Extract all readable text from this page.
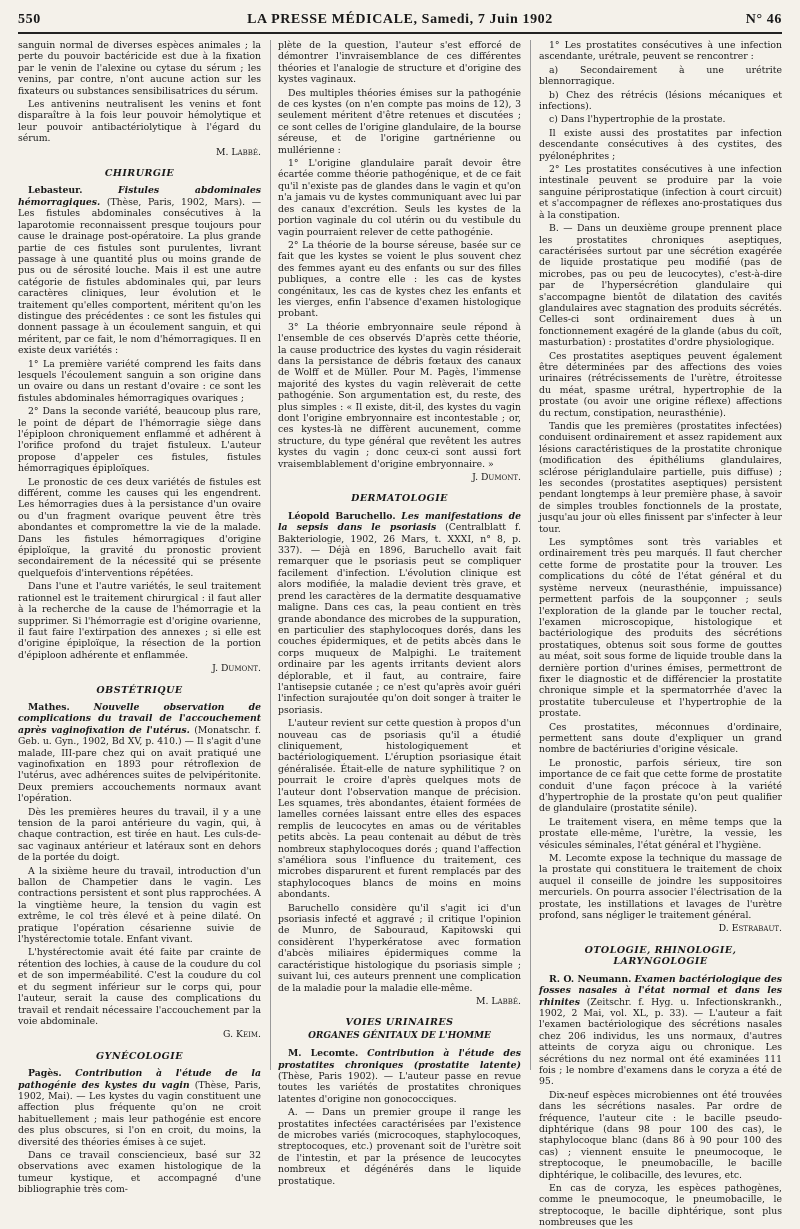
550	LA PRESSE MÉDICALE, Samedi, 7 Juin 1902	N° 46

sanguin normal de diverses espèces animales ; la perte du pouvoir bactéricide est due à la fixation par le venin de l'alexine ou cytase du sérum ; les venins, par contre, n'ont aucune action sur les fixateurs ou substances sensibilisatrices du sérum.

Les antivenins neutralisent les venins et font disparaître à la fois leur pouvoir hémolytique et leur pouvoir antibactériolytique à l'égard du sérum.

M. Labbé.

CHIRURGIE

Lebasteur.	Fistules abdominales hémorragiques. (Thèse, Paris, 1902, Mars). — Les fistules abdominales consécutives à la laparotomie reconnaissent presque toujours pour cause le drainage post-opératoire. La plus grande partie de ces fistules sont purulentes, livrant passage à une quantité plus ou moins grande de pus ou de sérosité louche. Mais il est une autre catégorie de fistules abdominales qui, par leurs caractères cliniques, leur évolution et le traitement qu'elles comportent, méritent qu'on les distingue des précédentes : ce sont les fistules qui donnent passage à un écoulement sanguin, et qui méritent, par ce fait, le nom d'hémorragiques. Il en existe deux variétés :

1° La première variété comprend les faits dans lesquels l'écoulement sanguin a son origine dans un ovaire ou dans un restant d'ovaire : ce sont les fistules abdominales hémorragiques ovariques ;

2° Dans la seconde variété, beaucoup plus rare, le point de départ de l'hémorragie siège dans l'épiploon chroniquement enflammé et adhérent à l'orifice profond du trajet fistuleux. L'auteur propose d'appeler ces fistules, fistules hémorragiques épiploïques.

Le pronostic de ces deux variétés de fistules est différent, comme les causes qui les engendrent. Les hémorragies dues à la persistance d'un ovaire ou d'un fragment ovarique peuvent être très abondantes et compromettre la vie de la malade. Dans les fistules hémorragiques d'origine épiploïque, la gravité du pronostic provient secondairement de la nécessité qui se présente quelquefois d'interventions répétées.

Dans l'une et l'autre variétés, le seul traitement rationnel est le traitement chirurgical : il faut aller à la recherche de la cause de l'hémorragie et la supprimer. Si l'hémorragie est d'origine ovarienne, il faut faire l'extirpation des annexes ; si elle est d'origine épiploïque, la résection de la portion d'épiploon adhérente et enflammée.

J. Dumont.

OBSTÉTRIQUE

Mathes.	Nouvelle observation de complications du travail de l'accouchement après vaginofixation de l'utérus. (Monatschr. f. Geb. u. Gyn., 1902, Bd XV, p. 410.) — Il s'agit d'une malade, III-pare chez qui on avait pratiqué une vaginofixation en 1893 pour rétroflexion de l'utérus, avec adhérences suites de pelvipéritonite. Deux premiers accouchements normaux avant l'opération.

Dès les premières heures du travail, il y a une tension de la paroi antérieure du vagin, qui, à chaque contraction, est tirée en haut. Les culs-de-sac vaginaux antérieur et latéraux sont en dehors de la portée du doigt.

A la sixième heure du travail, introduction d'un ballon de Champetier dans le vagin. Les contractions persistent et sont plus rapprochées. A la vingtième heure, la tension du vagin est extrême, le col très élevé et à peine dilaté. On pratique l'opération césarienne suivie de l'hystérectomie totale. Enfant vivant.

L'hystérectomie avait été faite par crainte de rétention des lochies, à cause de la coudure du col et de son imperméabilité. C'est la coudure du col et du segment inférieur sur le corps qui, pour l'auteur, serait la cause des complications du travail et rendait nécessaire l'accouchement par la voie abdominale.

G. Keim.

GYNÉCOLOGIE

Pagès. Contribution à l'étude de la pathogénie des kystes du vagin (Thèse, Paris, 1902, Mai). — Les kystes du vagin constituent une affection plus fréquente qu'on ne croit habituellement ; mais leur pathogénie est encore des plus obscures, si l'on en croit, du moins, la diversité des théories émises à ce sujet.

Dans ce travail consciencieux, basé sur 32 observations avec examen histologique de la tumeur kystique, et accompagné d'une bibliographie très com-

plète de la question, l'auteur s'est efforcé de démontrer l'invraisemblance de ces différentes théories et l'analogie de structure et d'origine des kystes vaginaux.

Des multiples théories émises sur la pathogénie de ces kystes (on n'en compte pas moins de 12), 3 seulement méritent d'être retenues et discutées ; ce sont celles de l'origine glandulaire, de la bourse séreuse, et de l'origine gartnérienne ou mullérienne :

1° L'origine glandulaire paraît devoir être écartée comme théorie pathogénique, et de ce fait qu'il n'existe pas de glandes dans le vagin et qu'on n'a jamais vu de kystes communiquant avec lui par des canaux d'excrétion. Seuls les kystes de la portion vaginale du col utérin ou du vestibule du vagin pourraient relever de cette pathogénie.

2° La théorie de la bourse séreuse, basée sur ce fait que les kystes se voient le plus souvent chez des femmes ayant eu des enfants ou sur des filles publiques, a contre elle : les cas de kystes congénitaux, les cas de kystes chez les enfants et les vierges, enfin l'absence d'examen histologique probant.

3° La théorie embryonnaire seule répond à l'ensemble de ces observés D'après cette théorie, la cause productrice des kystes du vagin résiderait dans la persistance de débris fœtaux des canaux de Wolff et de Müller. Pour M. Pagès, l'immense majorité des kystes du vagin relèverait de cette pathogénie. Son argumentation est, du reste, des plus simples : « Il existe, dit-il, des kystes du vagin dont l'origine embryonnaire est incontestable ; or, ces kystes-là ne diffèrent aucunement, comme structure, du type général que revêtent les autres kystes du vagin ; donc ceux-ci sont aussi fort vraisemblablement d'origine embryonnaire. »

J. Dumont.

DERMATOLOGIE

Léopold Baruchello. Les manifestations de la sepsis dans le psoriasis (Centralblatt f. Bakteriologie, 1902, 26 Mars, t. XXXI, n° 8, p. 337). — Déjà en 1896, Baruchello avait fait remarquer que le psoriasis peut se compliquer facilement d'infection. L'évolution clinique est alors modifiée, la maladie devient très grave, et prend les caractères de la dermatite desquamative maligne. Dans ces cas, la peau contient en très grande abondance des microbes de la suppuration, en particulier des staphylocoques dorés, dans les couches épidermiques, et de petits abcès dans le corps muqueux de Malpighi. Le traitement ordinaire par les agents irritants devient alors déplorable, et il faut, au contraire, faire l'antisepsie cutanée ; ce n'est qu'après avoir guéri l'infection surajoutée qu'on doit songer à traiter le psoriasis.

L'auteur revient sur cette question à propos d'un nouveau cas de psoriasis qu'il a étudié cliniquement, histologiquement et bactériologiquement. L'éruption psoriasique était généralisée. Était-elle de nature syphilitique ? on pourrait le croire d'après quelques mots de l'auteur dont l'observation manque de précision. Les squames, très abondantes, étaient formées de lamelles cornées laissant entre elles des espaces remplis de leucocytes en amas ou de véritables petits abcès. La peau contenait au début de très nombreux staphylocoques dorés ; quand l'affection s'améliora sous l'influence du traitement, ces microbes disparurent et furent remplacés par des staphylocoques blancs de moins en moins abondants.

Baruchello considère qu'il s'agit ici d'un psoriasis infecté et aggravé ; il critique l'opinion de Munro, de Sabouraud, Kapitowski qui considèrent l'hyperkératose avec formation d'abcès miliaires épidermiques comme la caractéristique histologique du psoriasis simple ; suivant lui, ces auteurs prennent une complication de la maladie pour la maladie elle-même.

M. Labbé.

VOIES URINAIRES

ORGANES GÉNITAUX DE L'HOMME

M. Lecomte. Contribution à l'étude des prostatites chroniques (prostatite latente) (Thèse, Paris 1902). — L'auteur passe en revue toutes les variétés de prostatites chroniques latentes d'origine non gonococciques.

A. — Dans un premier groupe il range les prostatites infectées caractérisées par l'existence de microbes variés (microcoques, staphylocoques, streptocoques, etc.) provenant soit de l'urètre soit de l'intestin, et par la présence de leucocytes nombreux et dégénérés dans le liquide prostatique.

1° Les prostatites consécutives à une infection ascendante, urétrale, peuvent se rencontrer :

a) Secondairement à une urétrite blennorragique.

b) Chez des rétrécis (lésions mécaniques et infections).

c) Dans l'hypertrophie de la prostate.

Il existe aussi des prostatites par infection descendante consécutives à des cystites, des pyélonéphrites ;

2° Les prostatites consécutives à une infection intestinale peuvent se produire par la voie sanguine périprostatique (infection à court circuit) et s'accompagner de réflexes ano-prostatiques dus à la constipation.

B. — Dans un deuxième groupe prennent place les prostatites chroniques aseptiques, caractérisées surtout par une sécrétion exagérée de liquide prostatique peu modifié (pas de microbes, pas ou peu de leucocytes), c'est-à-dire par de l'hypersécrétion glandulaire qui s'accompagne bientôt de dilatation des cavités glandulaires avec stagnation des produits sécrétés. Celles-ci sont ordinairement dues à un fonctionnement exagéré de la glande (abus du coït, masturbation) : prostatites d'ordre physiologique.

Ces prostatites aseptiques peuvent également être déterminées par des affections des voies urinaires (rétrécissements de l'urètre, étroitesse du méat, spasme urétral, hypertrophie de la prostate (ou avoir une origine réflexe) affections du rectum, constipation, neurasthénie).

Tandis que les premières (prostatites infectées) conduisent ordinairement et assez rapidement aux lésions caractéristiques de la prostatite chronique (modification des épithéliums glandulaires, sclérose périglandulaire partielle, puis diffuse) ; les secondes (prostatites aseptiques) persistent pendant longtemps à leur première phase, à savoir de simples troubles fonctionnels de la prostate, jusqu'au jour où elles finissent par s'infecter à leur tour.

Les symptômes sont très variables et ordinairement très peu marqués. Il faut chercher cette forme de prostatite pour la trouver. Les complications du côté de l'état général et du système nerveux (neurasthénie, impuissance) permettent parfois de la soupçonner ; seuls l'exploration de la glande par le toucher rectal, l'examen microscopique, histologique et bactériologique des produits des sécrétions prostatiques, obtenus soit sous forme de gouttes au méat, soit sous forme de liquide trouble dans la dernière portion d'urines émises, permettront de fixer le diagnostic et de différencier la prostatite chronique simple et la spermatorrhée d'avec la prostatite tuberculeuse et l'hypertrophie de la prostate.

Ces prostatites, méconnues d'ordinaire, permettent sans doute d'expliquer un grand nombre de bactériuries d'origine vésicale.

Le pronostic, parfois sérieux, tire son importance de ce fait que cette forme de prostatite conduit d'une façon précoce à la variété d'hypertrophie de la prostate qu'on peut qualifier de glandulaire (prostatite sénile).

Le traitement visera, en même temps que la prostate elle-même, l'urètre, la vessie, les vésicules séminales, l'état général et l'hygiène.

M. Lecomte expose la technique du massage de la prostate qui constituera le traitement de choix auquel il conseille de joindre les suppositoires mercuriels. On pourra associer l'électrisation de la prostate, les instillations et lavages de l'urètre profond, sans négliger le traitement général.

D. Estrabaut.

OTOLOGIE, RHINOLOGIE, LARYNGOLOGIE

R. O. Neumann. Examen bactériologique des fosses nasales à l'état normal et dans les rhinites (Zeitschr. f. Hyg. u. Infectionskrankh., 1902, 2 Mai, vol. XL, p. 33). — L'auteur a fait l'examen bactériologique des sécrétions nasales chez 206 individus, les uns normaux, d'autres atteints de coryza aigu ou chronique. Les sécrétions du nez normal ont été examinées 111 fois ; le nombre d'examens dans le coryza a été de 95.

Dix-neuf espèces microbiennes ont été trouvées dans les sécrétions nasales. Par ordre de fréquence, l'auteur cite : le bacille pseudo-diphtérique (dans 98 pour 100 des cas), le staphylocoque blanc (dans 86 à 90 pour 100 des cas) ; viennent ensuite le pneumocoque, le streptocoque, le pneumobacille, le bacille diphtérique, le colibacille, des levures, etc.

En cas de coryza, les espèces pathogènes, comme le pneumocoque, le pneumobacille, le streptocoque, le bacille diphtérique, sont plus nombreuses que les
